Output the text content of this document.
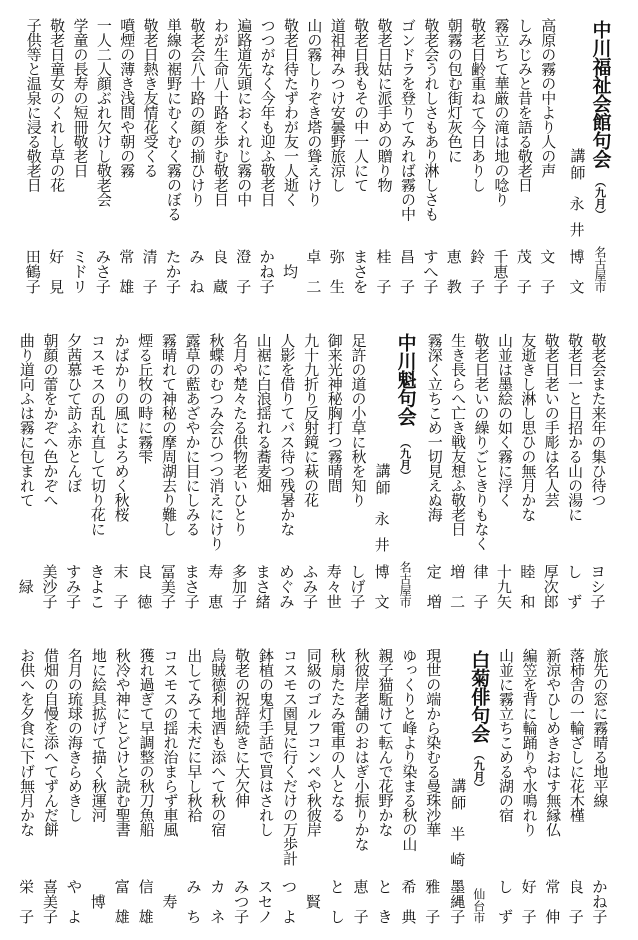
中川福祉会館句会
（九月）
名古屋市
講師
永
井
博
文
高原の霧の中より人の声
文
子
しみじみと昔を語る敬老日
茂
子
霧立ちて華厳の滝は地の唸り
千
恵
子
敬老日齢重ねて今日ありし
鈴
子
朝霧の包む街灯灰色に
恵
教
敬老会うれしさもあり淋しさも
す
へ
子
ゴンドラを登りてみれば霧の中
昌
子
敬老日姑に派手めの贈り物
桂
子
敬老日我もその中一人にて
ま
さ
を
道祖神みつけ安曇野旅涼し
弥
生
山の霧しりぞき塔の聳えけり
卓
二
敬老日待たずわが友一人逝く
均
つつがなく今年も迎ふ敬老日
か
ね
子
遍路道先頭におくれじ霧の中
澄
子
わが生命八十路を歩む敬老日
良
蔵
敬老会八十路の顔の揃ひけり
み
ね
単線の裾野にむくむく霧のぼる
た
か
子
敬老日熱き友情花受くる
清
子
噴煙の薄き浅間や朝の霧
常
雄
一人二人顔ぶれ欠けし敬老会
み
さ
子
学童の長寿の短冊敬老日
ミ
ド
リ
敬老日童女のくれし草の花
好
見
子供等と温泉に浸る敬老日
田
鶴
子
敬老会また来年の集ひ待つ
ヨ
シ
子
敬老日一と日招かる山の湯に
し
ず
敬老日老いの手彫は名人芸
厚
次
郎
友逝きし淋し思ひの無月かな
睦
和
山並は墨絵の如く霧に浮く
十
九
矢
敬老日老いの繰りごときりもなく
律
子
生き長らへ亡き戦友想ふ敬老日
増
二
霧深く立ちこめ一切見えぬ海
定
増
中川魁句会
（九月）
名古屋市
講師
永
井
博
文
足許の道の小草に秋を知り
し
げ
子
御来光神秘胸打つ霧晴間
寿
々
世
九十九折り反射鏡に萩の花
ふ
み
子
人影を借りてバス待つ残暑かな
め
ぐ
み
山裾に白浪揺れる蕎麦畑
ま
さ
緒
名月や楚々たる供物老いひとり
多
加
子
秋蝶のむつみ会ひつつ消えにけり
寿
恵
露草の藍あざやかに目にしみる
ま
さ
子
霧晴れて神秘の摩周湖去り難し
冨
美
子
煙る丘牧の畤に霧雫
良
徳
かばかりの風によろめく秋桜
末
子
コスモスの乱れ直して切り花に
き
よ
こ
夕茜慕ひて訪ふ赤とんぼ
す
み
子
朝顔の蕾をかぞへ色かぞへ
美
沙
子
曲り道向ふは霧に包まれて
緑
旅先の窓に霧晴る地平線
か
ね
子
落柿舎の一輪ざしに花木槿
良
子
新涼やひしめきおはす無縁仏
常
伸
編笠を背に輪踊りや水鳴れり
好
子
山並に霧立ちこめる湖の宿
し
ず
白菊俳句会
（九月）
仙台市
講師
半
崎
墨
縄
子
現世の端から染むる曼珠沙華
雅
子
ゆっくりと峰より染まる秋の山
希
典
親子猫駈けて転んで花野かな
と
き
秋彼岸老舗のおはぎ小振りかな
恵
子
秋扇たたみ電車の人となる
と
し
同級のゴルフコンペや秋彼岸
賢
コスモス園見に行くだけの万歩計
つ
よ
鉢植の鬼灯手話で買はされし
ス
セ
ノ
敬老の祝辞続きに大欠伸
み
つ
子
烏賊徳利地酒も添へて秋の宿
カ
ネ
出してみて未だに早し秋袷
み
ち
コスモスの揺れ治まらず車風
寿
獲れ過ぎて早調整の秋刀魚船
信
雄
秋冷や神にとどけと読む聖書
富
雄
地に絵具拡げて描く秋運河
博
名月の琉球の海きらめきし
や
よ
借畑の自慢を添へてずんだ餅
喜
美
子
お供へを夕食に下げ無月かな
栄
子
